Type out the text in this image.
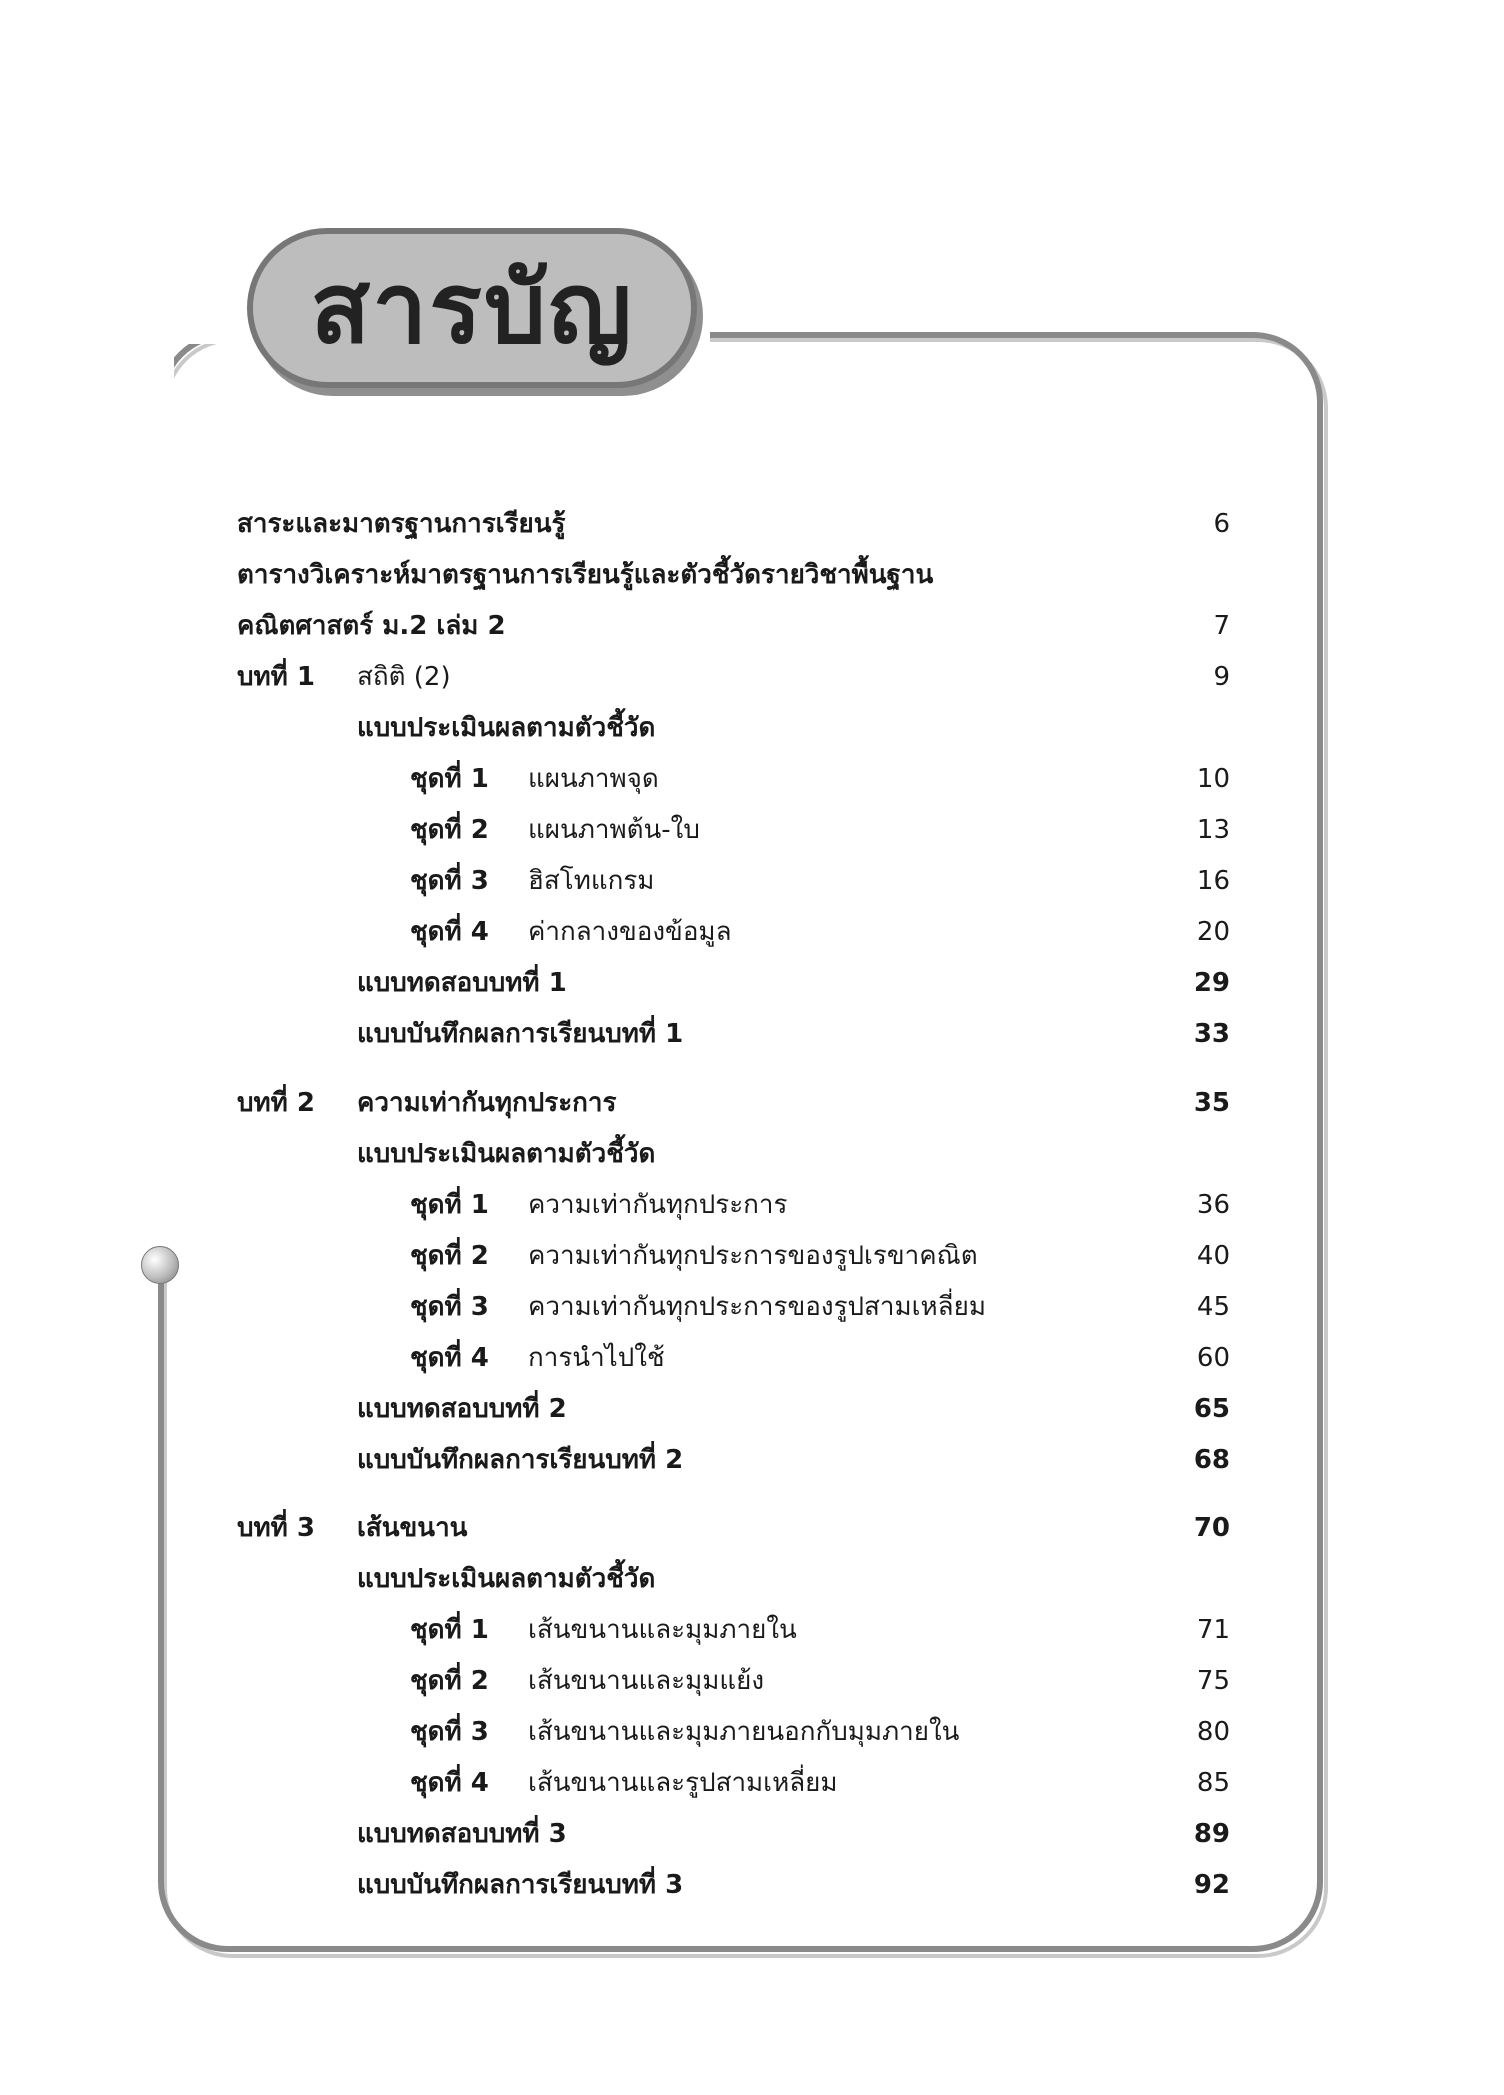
สารบัญ
สาระและมาตรฐานการเรียนรู้	6
ตารางวิเคราะห์มาตรฐานการเรียนรู้และตัวชี้วัดรายวิชาพื้นฐาน
คณิตศาสตร์ ม.2 เล่ม 2	7
บทที่ 1 สถิติ (2)	9
แบบประเมินผลตามตัวชี้วัด
ชุดที่ 1 แผนภาพจุด	10
ชุดที่ 2 แผนภาพต้น-ใบ	13
ชุดที่ 3 ฮิสโทแกรม	16
ชุดที่ 4 ค่ากลางของข้อมูล	20
แบบทดสอบบทที่ 1	29
แบบบันทึกผลการเรียนบทที่ 1	33
บทที่ 2 ความเท่ากันทุกประการ	35
แบบประเมินผลตามตัวชี้วัด
ชุดที่ 1 ความเท่ากันทุกประการ	36
ชุดที่ 2 ความเท่ากันทุกประการของรูปเรขาคณิต	40
ชุดที่ 3 ความเท่ากันทุกประการของรูปสามเหลี่ยม	45
ชุดที่ 4 การนำไปใช้	60
แบบทดสอบบทที่ 2	65
แบบบันทึกผลการเรียนบทที่ 2	68
บทที่ 3 เส้นขนาน	70
แบบประเมินผลตามตัวชี้วัด
ชุดที่ 1 เส้นขนานและมุมภายใน	71
ชุดที่ 2 เส้นขนานและมุมแย้ง	75
ชุดที่ 3 เส้นขนานและมุมภายนอกกับมุมภายใน	80
ชุดที่ 4 เส้นขนานและรูปสามเหลี่ยม	85
แบบทดสอบบทที่ 3	89
แบบบันทึกผลการเรียนบทที่ 3	92
